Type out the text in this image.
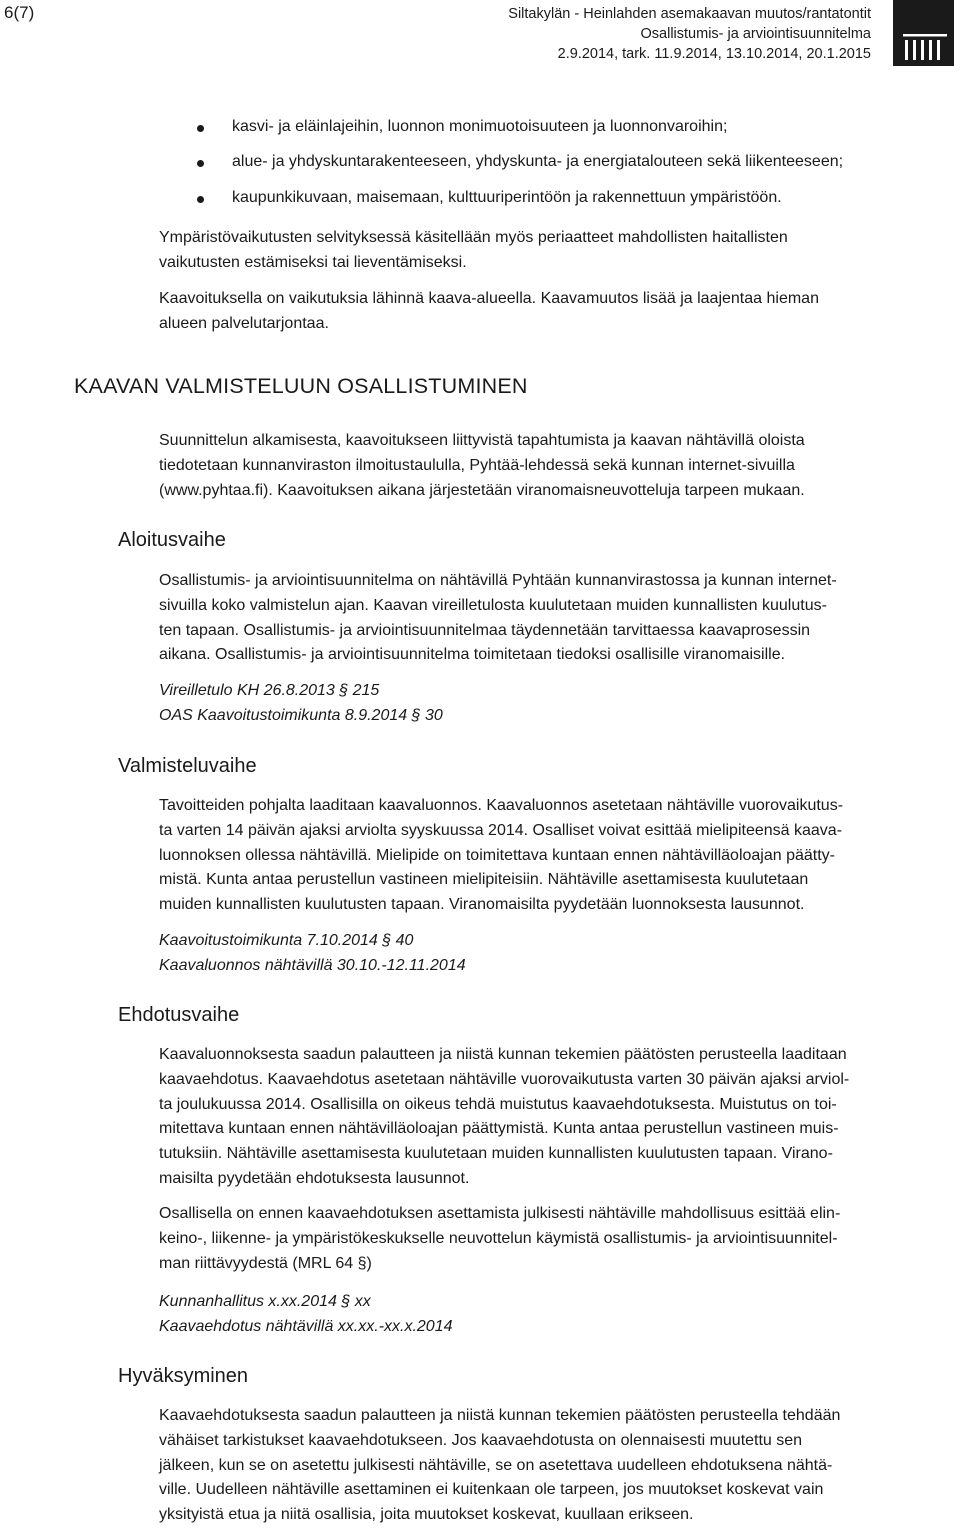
6(7)	Siltakylän - Heinlahden asemakaavan muutos/rantatontit
Osallistumis- ja arviointisuunnitelma
2.9.2014, tark. 11.9.2014, 13.10.2014, 20.1.2015
kasvi- ja eläinlajeihin, luonnon monimuotoisuuteen ja luonnonvaroihin;
alue- ja yhdyskuntarakenteeseen, yhdyskunta- ja energiatalouteen sekä liikenteeseen;
kaupunkikuvaan, maisemaan, kulttuuriperintöön ja rakennettuun ympäristöön.
Ympäristövaikutusten selvityksessä käsitellään myös periaatteet mahdollisten haitallisten
vaikutusten estämiseksi tai lieventämiseksi.
Kaavoituksella on vaikutuksia lähinnä kaava-alueella. Kaavamuutos lisää ja laajentaa hieman
alueen palvelutarjontaa.
KAAVAN VALMISTELUUN OSALLISTUMINEN
Suunnittelun alkamisesta, kaavoitukseen liittyvistä tapahtumista ja kaavan nähtävillä oloista
tiedotetaan kunnanviraston ilmoitustaululla, Pyhtää-lehdessä sekä kunnan internet-sivuilla
(www.pyhtaa.fi). Kaavoituksen aikana järjestetään viranomaisneuvotteluja tarpeen mukaan.
Aloitusvaihe
Osallistumis- ja arviointisuunnitelma on nähtävillä Pyhtään kunnanvirastossa ja kunnan internet-
sivuilla koko valmistelun ajan. Kaavan vireilletulosta kuulutetaan muiden kunnallisten kuulutus-
ten tapaan. Osallistumis- ja arviointisuunnitelmaa täydennetään tarvittaessa kaavaprosessin
aikana. Osallistumis- ja arviointisuunnitelma toimitetaan tiedoksi osallisille viranomaisille.
Vireilletulo KH 26.8.2013 § 215
OAS Kaavoitustoimikunta 8.9.2014 § 30
Valmisteluvaihe
Tavoitteiden pohjalta laaditaan kaavaluonnos. Kaavaluonnos asetetaan nähtäville vuorovaikutus-
ta varten 14 päivän ajaksi arviolta syyskuussa 2014. Osalliset voivat esittää mielipiteensä kaava-
luonnoksen ollessa nähtävillä. Mielipide on toimitettava kuntaan ennen nähtävilläoloajan päätty-
mistä. Kunta antaa perustellun vastineen mielipiteisiin. Nähtäville asettamisesta kuulutetaan
muiden kunnallisten kuulutusten tapaan. Viranomaisilta pyydetään luonnoksesta lausunnot.
Kaavoitustoimikunta 7.10.2014 § 40
Kaavaluonnos nähtävillä 30.10.-12.11.2014
Ehdotusvaihe
Kaavaluonnoksesta saadun palautteen ja niistä kunnan tekemien päätösten perusteella laaditaan
kaavaehdotus. Kaavaehdotus asetetaan nähtäville vuorovaikutusta varten 30 päivän ajaksi arviol-
ta joulukuussa 2014. Osallisilla on oikeus tehdä muistutus kaavaehdotuksesta. Muistutus on toi-
mitettava kuntaan ennen nähtävilläoloajan päättymistä. Kunta antaa perustellun vastineen muis-
tutuksiin. Nähtäville asettamisesta kuulutetaan muiden kunnallisten kuulutusten tapaan. Virano-
maisilta pyydetään ehdotuksesta lausunnot.
Osallisella on ennen kaavaehdotuksen asettamista julkisesti nähtäville mahdollisuus esittää elin-
keino-, liikenne- ja ympäristökeskukselle neuvottelun käymistä osallistumis- ja arviointisuunnitel-
man riittävyydestä (MRL 64 §)
Kunnanhallitus x.xx.2014 § xx
Kaavaehdotus nähtävillä xx.xx.-xx.x.2014
Hyväksyminen
Kaavaehdotuksesta saadun palautteen ja niistä kunnan tekemien päätösten perusteella tehdään
vähäiset tarkistukset kaavaehdotukseen. Jos kaavaehdotusta on olennaisesti muutettu sen
jälkeen, kun se on asetettu julkisesti nähtäville, se on asetettava uudelleen ehdotuksena nähtä-
ville. Uudelleen nähtäville asettaminen ei kuitenkaan ole tarpeen, jos muutokset koskevat vain
yksityistä etua ja niitä osallisia, joita muutokset koskevat, kuullaan erikseen.
